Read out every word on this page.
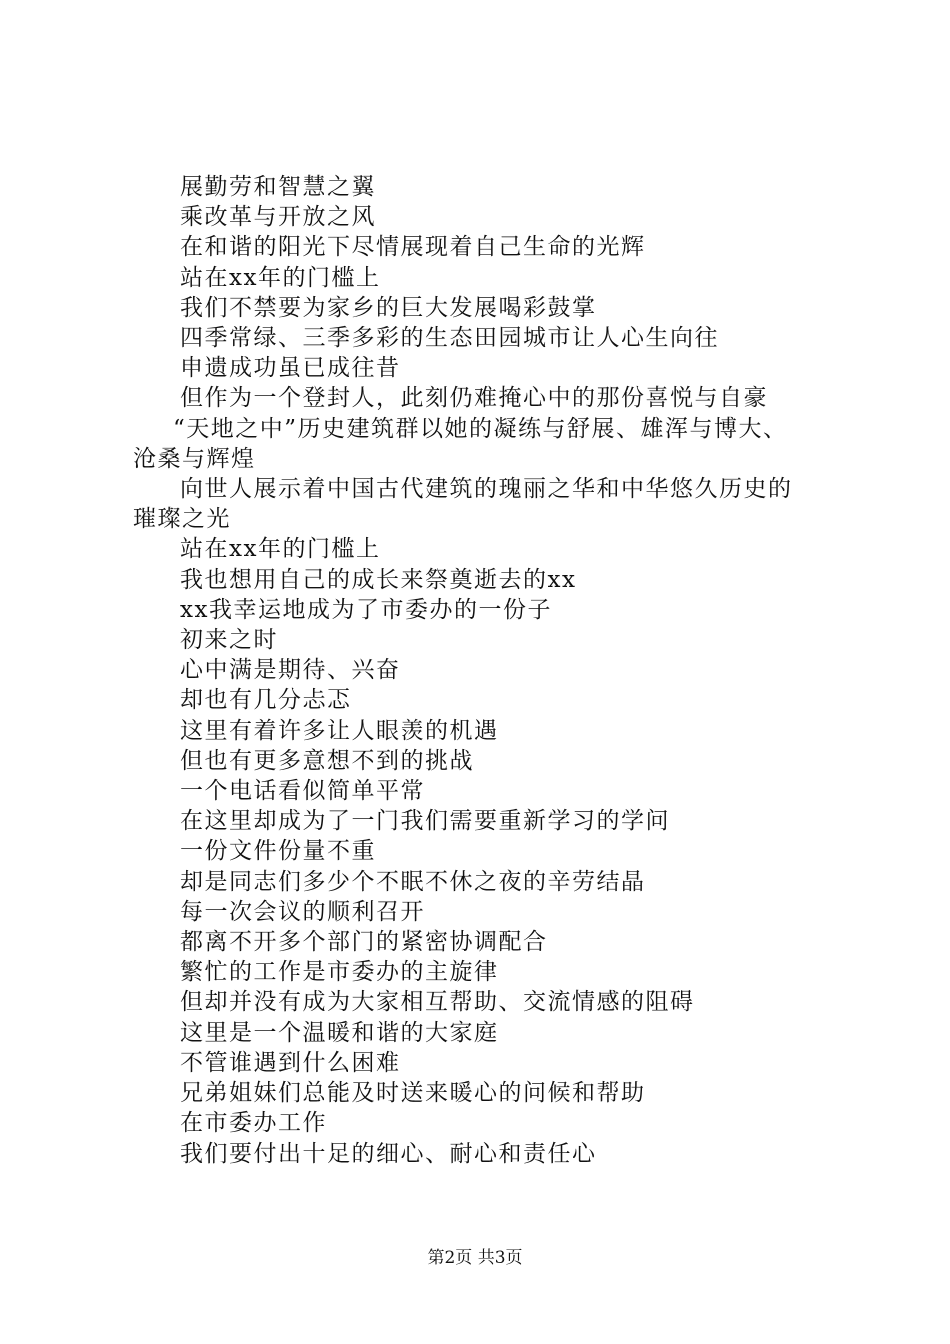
展勤劳和智慧之翼
乘改革与开放之风
在和谐的阳光下尽情展现着自己生命的光辉
站在xx年的门槛上
我们不禁要为家乡的巨大发展喝彩鼓掌
四季常绿、三季多彩的生态田园城市让人心生向往
申遗成功虽已成往昔
但作为一个登封人，此刻仍难掩心中的那份喜悦与自豪
“天地之中”历史建筑群以她的凝练与舒展、雄浑与博大、
沧桑与辉煌
向世人展示着中国古代建筑的瑰丽之华和中华悠久历史的
璀璨之光
站在xx年的门槛上
我也想用自己的成长来祭奠逝去的xx
xx我幸运地成为了市委办的一份子
初来之时
心中满是期待、兴奋
却也有几分忐忑
这里有着许多让人眼羡的机遇
但也有更多意想不到的挑战
一个电话看似简单平常
在这里却成为了一门我们需要重新学习的学问
一份文件份量不重
却是同志们多少个不眠不休之夜的辛劳结晶
每一次会议的顺利召开
都离不开多个部门的紧密协调配合
繁忙的工作是市委办的主旋律
但却并没有成为大家相互帮助、交流情感的阻碍
这里是一个温暖和谐的大家庭
不管谁遇到什么困难
兄弟姐妹们总能及时送来暖心的问候和帮助
在市委办工作
我们要付出十足的细心、耐心和责任心
第2页 共3页
